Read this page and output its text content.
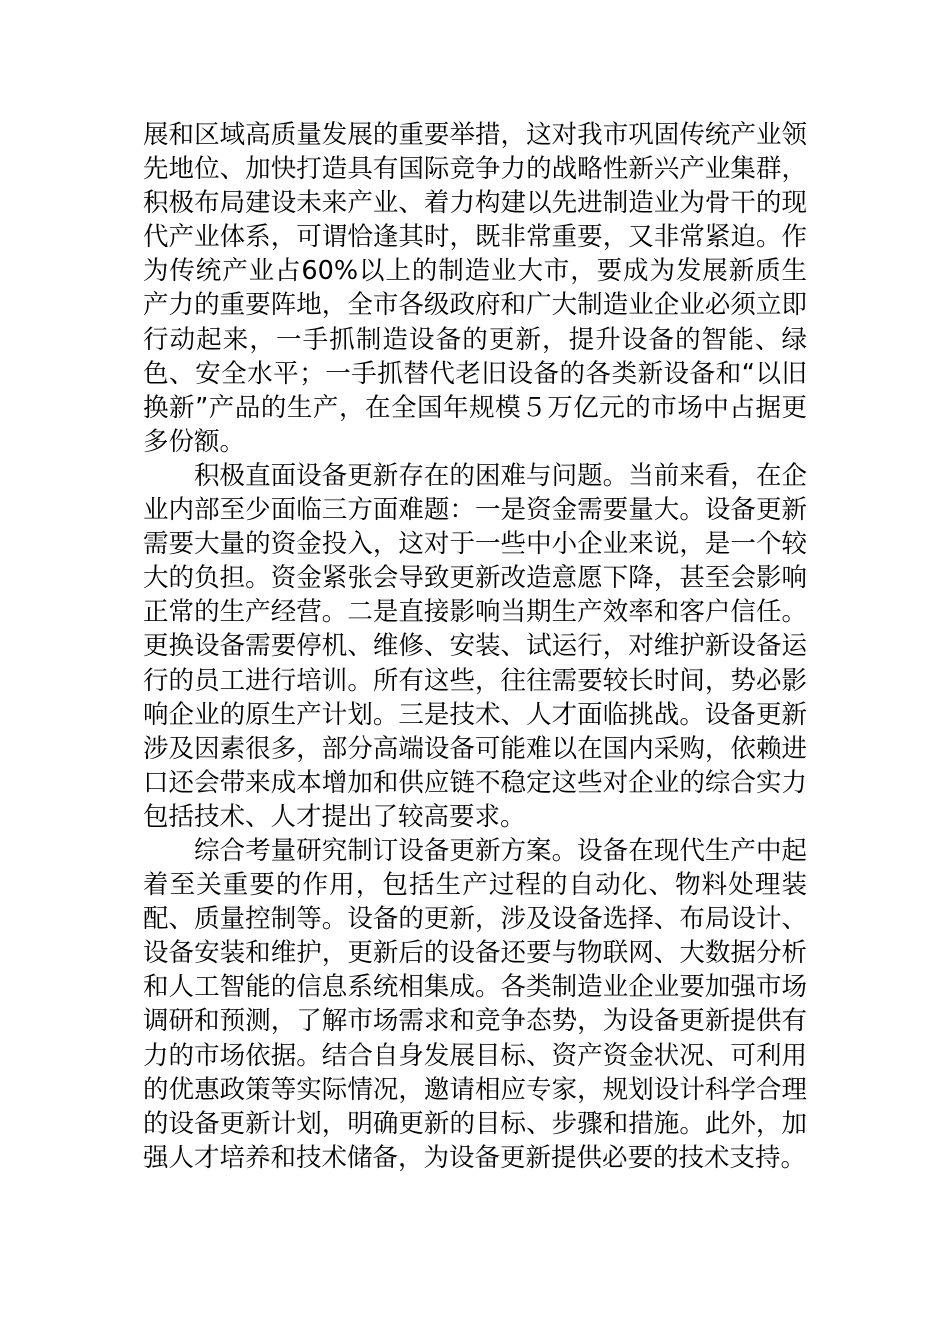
展和区域高质量发展的重要举措，这对我市巩固传统产业领先地位、加快打造具有国际竞争力的战略性新兴产业集群，积极布局建设未来产业、着力构建以先进制造业为骨干的现代产业体系，可谓恰逢其时，既非常重要，又非常紧迫。作为传统产业占60%以上的制造业大市，要成为发展新质生产力的重要阵地，全市各级政府和广大制造业企业必须立即行动起来，一手抓制造设备的更新，提升设备的智能、绿色、安全水平；一手抓替代老旧设备的各类新设备和“以旧换新”产品的生产，在全国年规模５万亿元的市场中占据更多份额。

积极直面设备更新存在的困难与问题。当前来看，在企业内部至少面临三方面难题：一是资金需要量大。设备更新需要大量的资金投入，这对于一些中小企业来说，是一个较大的负担。资金紧张会导致更新改造意愿下降，甚至会影响正常的生产经营。二是直接影响当期生产效率和客户信任。更换设备需要停机、维修、安装、试运行，对维护新设备运行的员工进行培训。所有这些，往往需要较长时间，势必影响企业的原生产计划。三是技术、人才面临挑战。设备更新涉及因素很多，部分高端设备可能难以在国内采购，依赖进口还会带来成本增加和供应链不稳定这些对企业的综合实力包括技术、人才提出了较高要求。

综合考量研究制订设备更新方案。设备在现代生产中起着至关重要的作用，包括生产过程的自动化、物料处理装配、质量控制等。设备的更新，涉及设备选择、布局设计、设备安装和维护，更新后的设备还要与物联网、大数据分析和人工智能的信息系统相集成。各类制造业企业要加强市场调研和预测，了解市场需求和竞争态势，为设备更新提供有力的市场依据。结合自身发展目标、资产资金状况、可利用的优惠政策等实际情况，邀请相应专家，规划设计科学合理的设备更新计划，明确更新的目标、步骤和措施。此外，加强人才培养和技术储备，为设备更新提供必要的技术支持。
